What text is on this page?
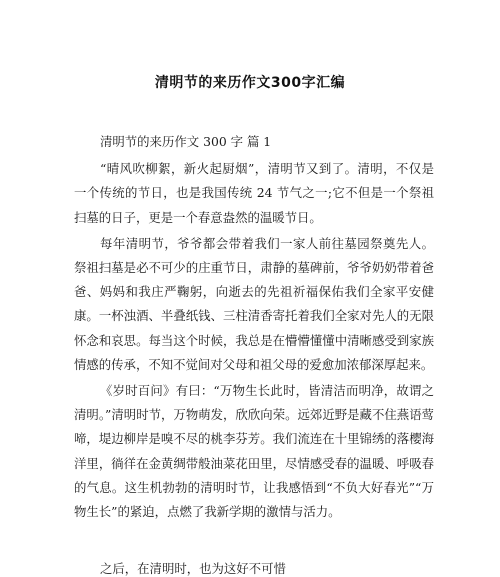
清明节的来历作文300字汇编

清明节的来历作文 300 字 篇 1

“晴风吹柳絮，新火起厨烟”，清明节又到了。清明，不仅是一个传统的节日，也是我国传统 24 节气之一;它不但是一个祭祖扫墓的日子，更是一个春意盎然的温暖节日。

每年清明节，爷爷都会带着我们一家人前往墓园祭奠先人。祭祖扫墓是必不可少的庄重节日，肃静的墓碑前，爷爷奶奶带着爸爸、妈妈和我庄严鞠躬，向逝去的先祖祈福保佑我们全家平安健康。一杯浊酒、半叠纸钱、三柱清香寄托着我们全家对先人的无限怀念和哀思。每当这个时候，我总是在懵懵懂懂中清晰感受到家族情感的传承，不知不觉间对父母和祖父母的爱愈加浓郁深厚起来。

《岁时百问》有曰：“万物生长此时，皆清洁而明净，故谓之清明。”清明时节，万物萌发，欣欣向荣。远郊近野是藏不住燕语莺啼，堤边柳岸是嗅不尽的桃李芬芳。我们流连在十里锦绣的落樱海洋里，徜徉在金黄绸带般油菜花田里，尽情感受春的温暖、呼吸春的气息。这生机勃勃的清明时节，让我感悟到“不负大好春光”“万物生长”的紧迫，点燃了我新学期的激情与活力。

之后，在清明时，也为这好不可惜
